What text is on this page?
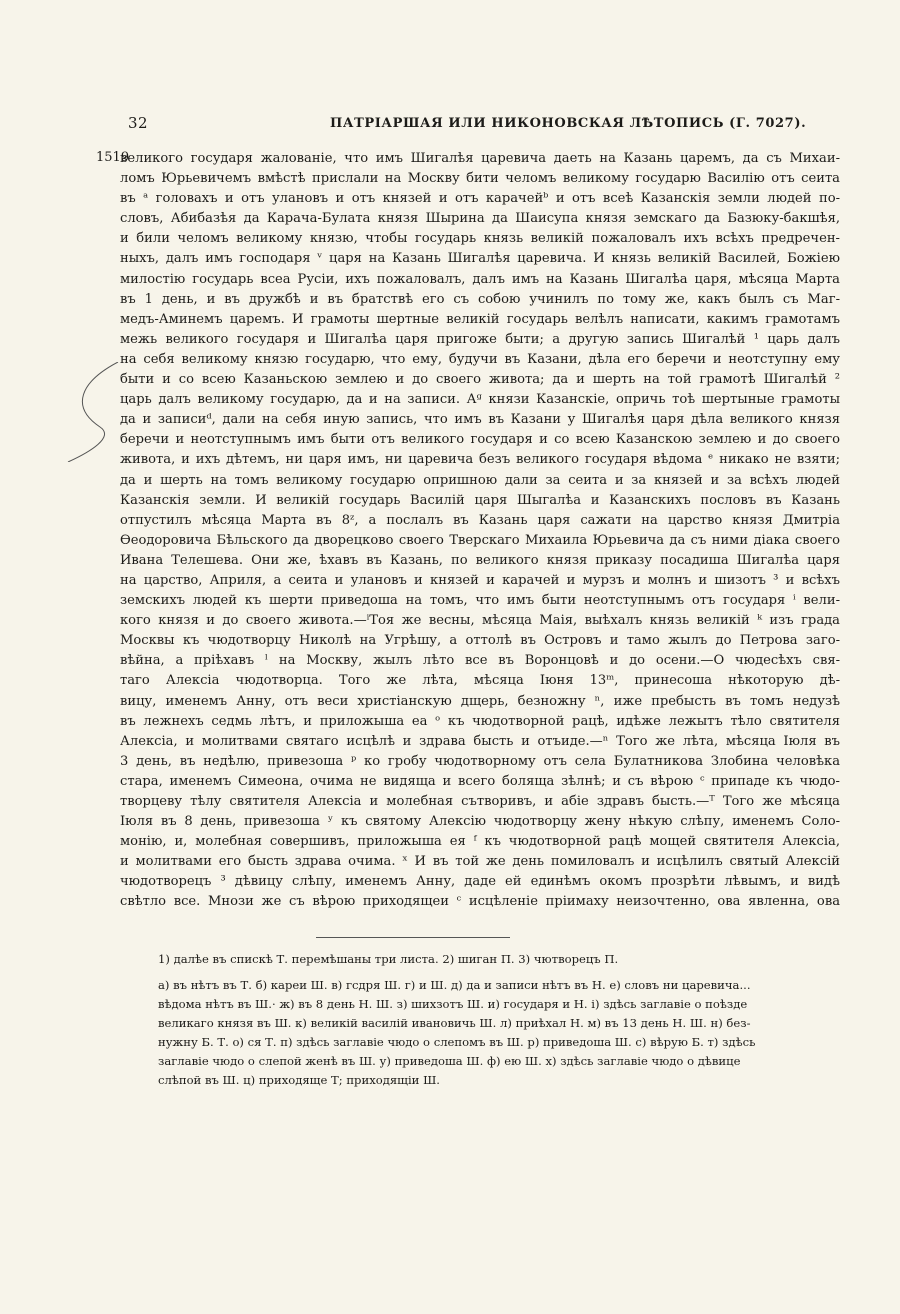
32	ПАТРІАРШАЯ ИЛИ НИКОНОВСКАЯ ЛѢТОПИСЬ (Г. 7027).
1519
великого государя жалованіе, что имъ Шигалѣя царевича даеть на Казань царемъ, да съ Михаи-
ломъ Юрьевичемъ вмѣстѣ прислали на Москву бити челомъ великому государю Василію отъ сеита
въ ᵃ головахъ и отъ улановъ и отъ князей и отъ карачейᵇ и отъ всеѣ Казанскія земли людей по-
словъ, Абибазѣя да Карача-Булата князя Шырина да Шаисупа князя земскаго да Базюку-бакшѣя,
и били челомъ великому князю, чтобы государь князь великій пожаловалъ ихъ всѣхъ предречен-
ныхъ, далъ имъ господаря ᵛ царя на Казань Шигалѣя царевича. И князь великій Василей, Божіею
милостію государь всеа Русіи, ихъ пожаловалъ, далъ имъ на Казань Шигалѣа царя, мѣсяца Марта
въ 1 день, и въ дружбѣ и въ братствѣ его съ собою учинилъ по тому же, какъ былъ съ Маг-
медъ-Аминемъ царемъ. И грамоты шертные великій государь велѣлъ написати, какимъ грамотамъ
межь великого государя и Шигалѣа царя пригоже быти; а другую запись Шигалѣй ¹ царь далъ
на себя великому князю государю, что ему, будучи въ Казани, дѣла его беречи и неотступну ему
быти и со всею Казаньскою землею и до своего живота; да и шерть на той грамотѣ Шигалѣй ²
царь далъ великому государю, да и на записи. Аᵍ князи Казанскіе, опричь тоѣ шертыные грамоты
да и записиᵈ, дали на себя иную запись, что имъ въ Казани у Шигалѣя царя дѣла великого князя
беречи и неотступнымъ имъ быти отъ великого государя и со всею Казанскою землею и до своего
живота, и ихъ дѣтемъ, ни царя имъ, ни царевича безъ великого государя вѣдома ᵉ никако не взяти;
да и шерть на томъ великому государю опришною дали за сеита и за князей и за всѣхъ людей
Казанскія земли. И великій государь Василій царя Шыгалѣа и Казанскихъ пословъ въ Казань
отпустилъ мѣсяца Марта въ 8ᶻ, а послалъ въ Казань царя сажати на царство князя Дмитріа
Ѳеодоровича Бѣльского да дворецково своего Тверскаго Михаила Юрьевича да съ ними діака своего
Ивана Телешева. Они же, ѣхавъ въ Казань, по великого князя приказу посадиша Шигалѣа царя
на царство, Априля, а сеита и улановъ и князей и карачей и мурзъ и молнъ и шизотъ ³ и всѣхъ
земскихъ людей къ шерти приведоша на томъ, что имъ быти неотступнымъ отъ государя ⁱ вели-
кого князя и до своего живота.—ⁱТоя же весны, мѣсяца Маія, выѣхалъ князь великій ᵏ изъ града
Москвы къ чюдотворцу Николѣ на Угрѣшу, а оттолѣ въ Островъ и тамо жылъ до Петрова заго-
вѣйна, а пріѣхавъ ˡ на Москву, жылъ лѣто все въ Воронцовѣ и до осени.—О чюдесѣхъ свя-
таго Алексіа чюдотворца. Того же лѣта, мѣсяца Іюня 13ᵐ, принесоша нѣкоторую дѣ-
вицу, именемъ Анну, отъ веси христіанскую дщерь, безножну ⁿ, иже пребысть въ томъ недузѣ
въ лежнехъ седмь лѣтъ, и приложыша еа ᵒ къ чюдотворной рацѣ, идѣже лежытъ тѣло святителя
Алексіа, и молитвами святаго исцѣлѣ и здрава бысть и отъиде.—ⁿ Того же лѣта, мѣсяца Іюля въ
3 день, въ недѣлю, привезоша ᵖ ко гробу чюдотворному отъ села Булатникова Злобина человѣка
стара, именемъ Симеона, очима не видяща и всего боляща зѣлнѣ; и съ вѣрою ᶜ припаде къ чюдо-
творцеву тѣлу святителя Алексіа и молебная сътворивъ, и абіе здравъ бысть.—ᵀ Того же мѣсяца
Іюля въ 8 день, привезоша ʸ къ святому Алексію чюдотворцу жену нѣкую слѣпу, именемъ Соло-
монію, и, молебная совершивъ, приложыша ея ᶠ къ чюдотворной рацѣ мощей святителя Алексіа,
и молитвами его бысть здрава очима. ˣ И въ той же день помиловалъ и исцѣлилъ святый Алексій
чюдотворецъ ³ дѣвицу слѣпу, именемъ Анну, даде ей единѣмъ окомъ прозрѣти лѣвымъ, и видѣ
свѣтло все. Мнози же съ вѣрою приходящеи ᶜ исцѣленіе пріимаху неизочтенно, ова явленна, ова
1) далѣе въ спискѣ Т. перемѣшаны три листа. 2) шиган П. 3) чютворецъ П.
а) въ нѣтъ въ Т. б) кареи Ш. в) гсдря Ш. г) и Ш. д) да и записи нѣтъ въ Н. е) словъ ни царевича...
вѣдома нѣтъ въ Ш.· ж) въ 8 день Н. Ш. з) шихзотъ Ш. и) государя и Н. і) здѣсь заглавіе о поѣзде
великаго князя въ Ш. к) великій василій ивановичь Ш. л) приѣхал Н. м) въ 13 день Н. Ш. н) без-
нужну Б. Т. о) ся Т. п) здѣсь заглавіе чюдо о слепомъ въ Ш. р) приведоша Ш. с) вѣрую Б. т) здѣсь
заглавіе чюдо о слепой женѣ въ Ш. у) приведоша Ш. ф) ею Ш. х) здѣсь заглавіе чюдо о дѣвице
слѣпой въ Ш. ц) приходяще Т; приходящіи Ш.
